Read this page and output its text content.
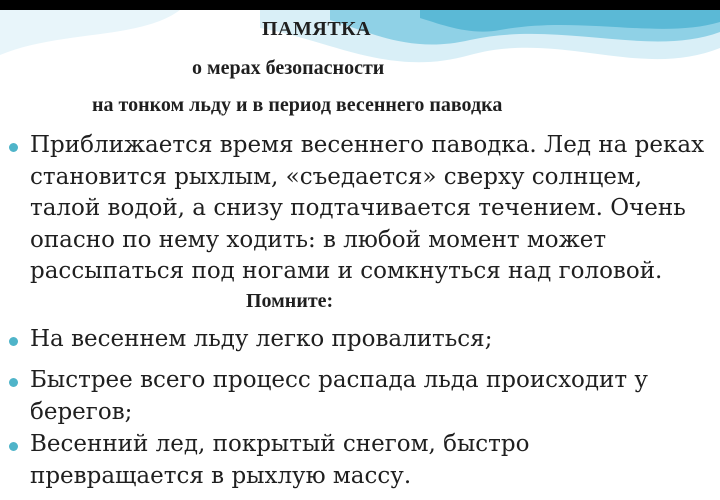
ПАМЯТКА
о мерах безопасности
на тонком льду и в период весеннего паводка
Приближается время весеннего паводка. Лед на реках становится рыхлым, «съедается» сверху солнцем, талой водой, а снизу подтачивается течением. Очень опасно по нему ходить: в любой момент может рассыпаться под ногами и сомкнуться над головой.
Помните:
На весеннем льду легко провалиться;
Быстрее всего процесс распада льда происходит у берегов;
Весенний лед, покрытый снегом, быстро превращается в рыхлую массу.
